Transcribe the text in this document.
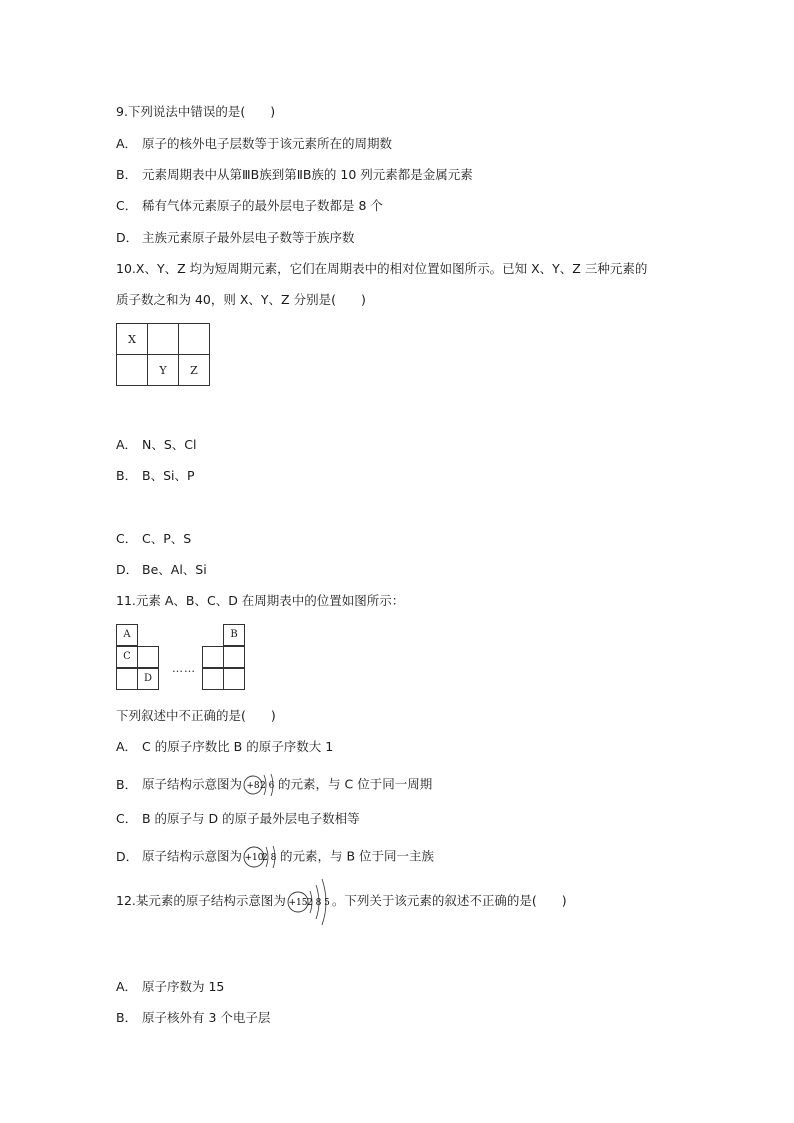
9.下列说法中错误的是(　　)
A． 原子的核外电子层数等于该元素所在的周期数
B． 元素周期表中从第ⅢB族到第ⅡB族的 10 列元素都是金属元素
C． 稀有气体元素原子的最外层电子数都是 8 个
D． 主族元素原子最外层电子数等于族序数
10.X、Y、Z 均为短周期元素，它们在周期表中的相对位置如图所示。已知 X、Y、Z 三种元素的
质子数之和为 40，则 X、Y、Z 分别是(　　)
X		
	Y	Z
A． N、S、Cl
B． B、Si、P
C． C、P、S
D． Be、Al、Si
11.元素 A、B、C、D 在周期表中的位置如图所示：
A
C
D
……
B
下列叙述中不正确的是(　　)
A． C 的原子序数比 B 的原子序数大 1
B． 原子结构示意图为 +8 2 6 的元素，与 C 位于同一周期
C． B 的原子与 D 的原子最外层电子数相等
D． 原子结构示意图为 +10
2 8 的元素，与 B 位于同一主族
12.某元素的原子结构示意图为 +15 2 8 5 。下列关于该元素的叙述不正确的是(　　)
A． 原子序数为 15
B． 原子核外有 3 个电子层
